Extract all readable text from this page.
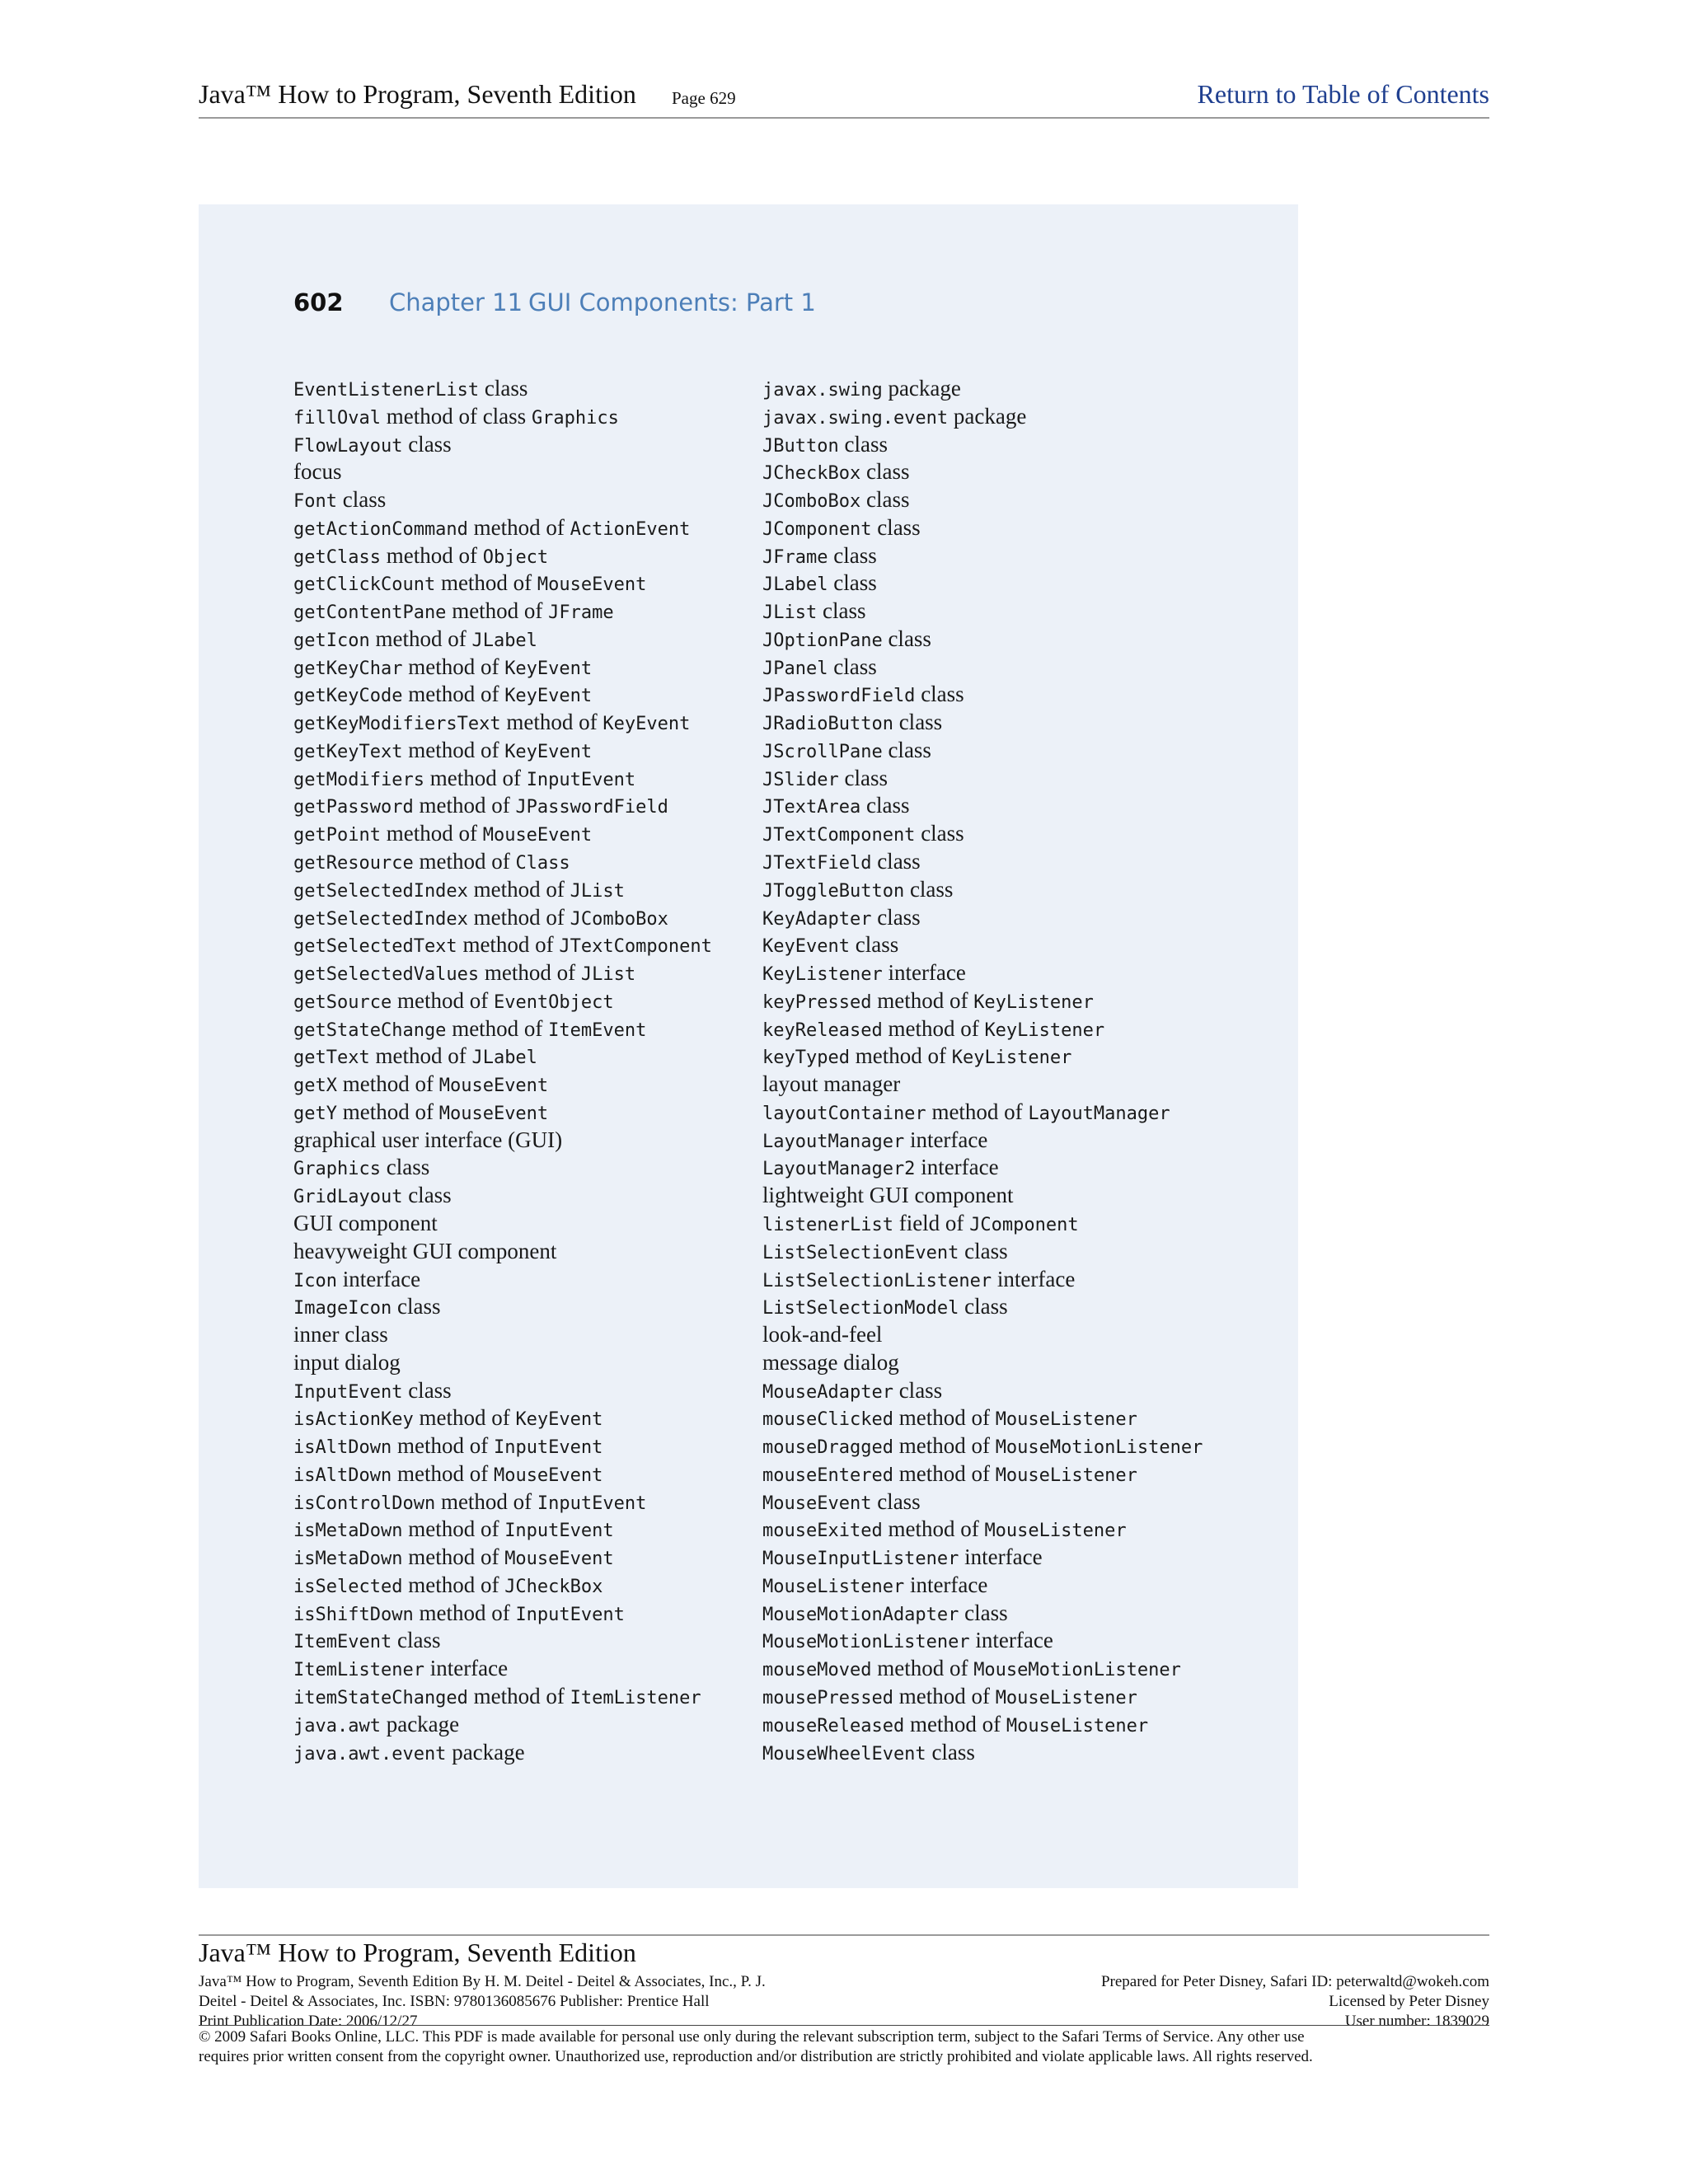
Java™ How to Program, Seventh Edition Page 629	Return to Table of Contents
602 Chapter 11 GUI Components: Part 1
EventListenerList class
fillOval method of class Graphics
FlowLayout class
focus
Font class
getActionCommand method of ActionEvent
getClass method of Object
getClickCount method of MouseEvent
getContentPane method of JFrame
getIcon method of JLabel
getKeyChar method of KeyEvent
getKeyCode method of KeyEvent
getKeyModifiersText method of KeyEvent
getKeyText method of KeyEvent
getModifiers method of InputEvent
getPassword method of JPasswordField
getPoint method of MouseEvent
getResource method of Class
getSelectedIndex method of JList
getSelectedIndex method of JComboBox
getSelectedText method of JTextComponent
getSelectedValues method of JList
getSource method of EventObject
getStateChange method of ItemEvent
getText method of JLabel
getX method of MouseEvent
getY method of MouseEvent
graphical user interface (GUI)
Graphics class
GridLayout class
GUI component
heavyweight GUI component
Icon interface
ImageIcon class
inner class
input dialog
InputEvent class
isActionKey method of KeyEvent
isAltDown method of InputEvent
isAltDown method of MouseEvent
isControlDown method of InputEvent
isMetaDown method of InputEvent
isMetaDown method of MouseEvent
isSelected method of JCheckBox
isShiftDown method of InputEvent
ItemEvent class
ItemListener interface
itemStateChanged method of ItemListener
java.awt package
java.awt.event package
javax.swing package
javax.swing.event package
JButton class
JCheckBox class
JComboBox class
JComponent class
JFrame class
JLabel class
JList class
JOptionPane class
JPanel class
JPasswordField class
JRadioButton class
JScrollPane class
JSlider class
JTextArea class
JTextComponent class
JTextField class
JToggleButton class
KeyAdapter class
KeyEvent class
KeyListener interface
keyPressed method of KeyListener
keyReleased method of KeyListener
keyTyped method of KeyListener
layout manager
layoutContainer method of LayoutManager
LayoutManager interface
LayoutManager2 interface
lightweight GUI component
listenerList field of JComponent
ListSelectionEvent class
ListSelectionListener interface
ListSelectionModel class
look-and-feel
message dialog
MouseAdapter class
mouseClicked method of MouseListener
mouseDragged method of MouseMotionListener
mouseEntered method of MouseListener
MouseEvent class
mouseExited method of MouseListener
MouseInputListener interface
MouseListener interface
MouseMotionAdapter class
MouseMotionListener interface
mouseMoved method of MouseMotionListener
mousePressed method of MouseListener
mouseReleased method of MouseListener
MouseWheelEvent class
Java™ How to Program, Seventh Edition
Java™ How to Program, Seventh Edition By H. M. Deitel - Deitel & Associates, Inc., P. J.
Deitel - Deitel & Associates, Inc. ISBN: 9780136085676 Publisher: Prentice Hall
Print Publication Date: 2006/12/27
Prepared for Peter Disney, Safari ID: peterwaltd@wokeh.com
Licensed by Peter Disney
User number: 1839029
© 2009 Safari Books Online, LLC. This PDF is made available for personal use only during the relevant subscription term, subject to the Safari Terms of Service. Any other use
requires prior written consent from the copyright owner. Unauthorized use, reproduction and/or distribution are strictly prohibited and violate applicable laws. All rights reserved.
